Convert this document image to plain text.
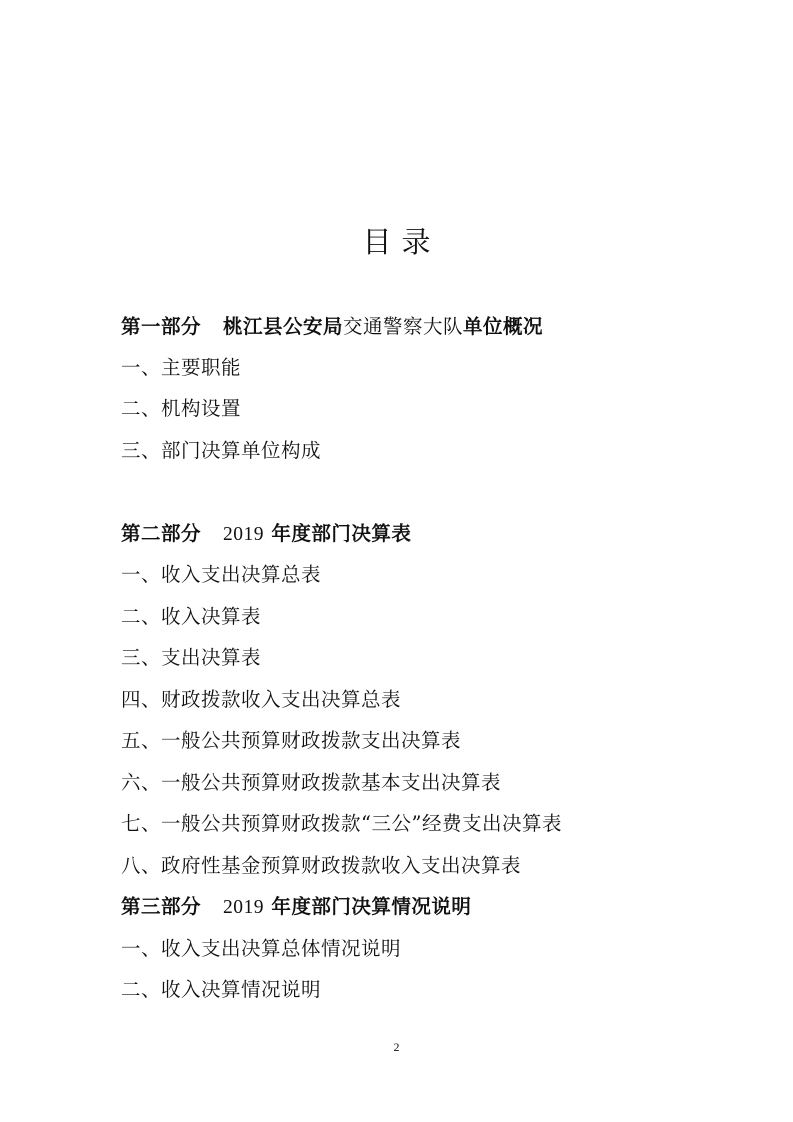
目录
第一部分 桃江县公安局交通警察大队单位概况
一、主要职能
二、机构设置
三、部门决算单位构成
第二部分 2019 年度部门决算表
一、收入支出决算总表
二、收入决算表
三、支出决算表
四、财政拨款收入支出决算总表
五、一般公共预算财政拨款支出决算表
六、一般公共预算财政拨款基本支出决算表
七、一般公共预算财政拨款“三公”经费支出决算表
八、政府性基金预算财政拨款收入支出决算表
第三部分 2019 年度部门决算情况说明
一、收入支出决算总体情况说明
二、收入决算情况说明
2
